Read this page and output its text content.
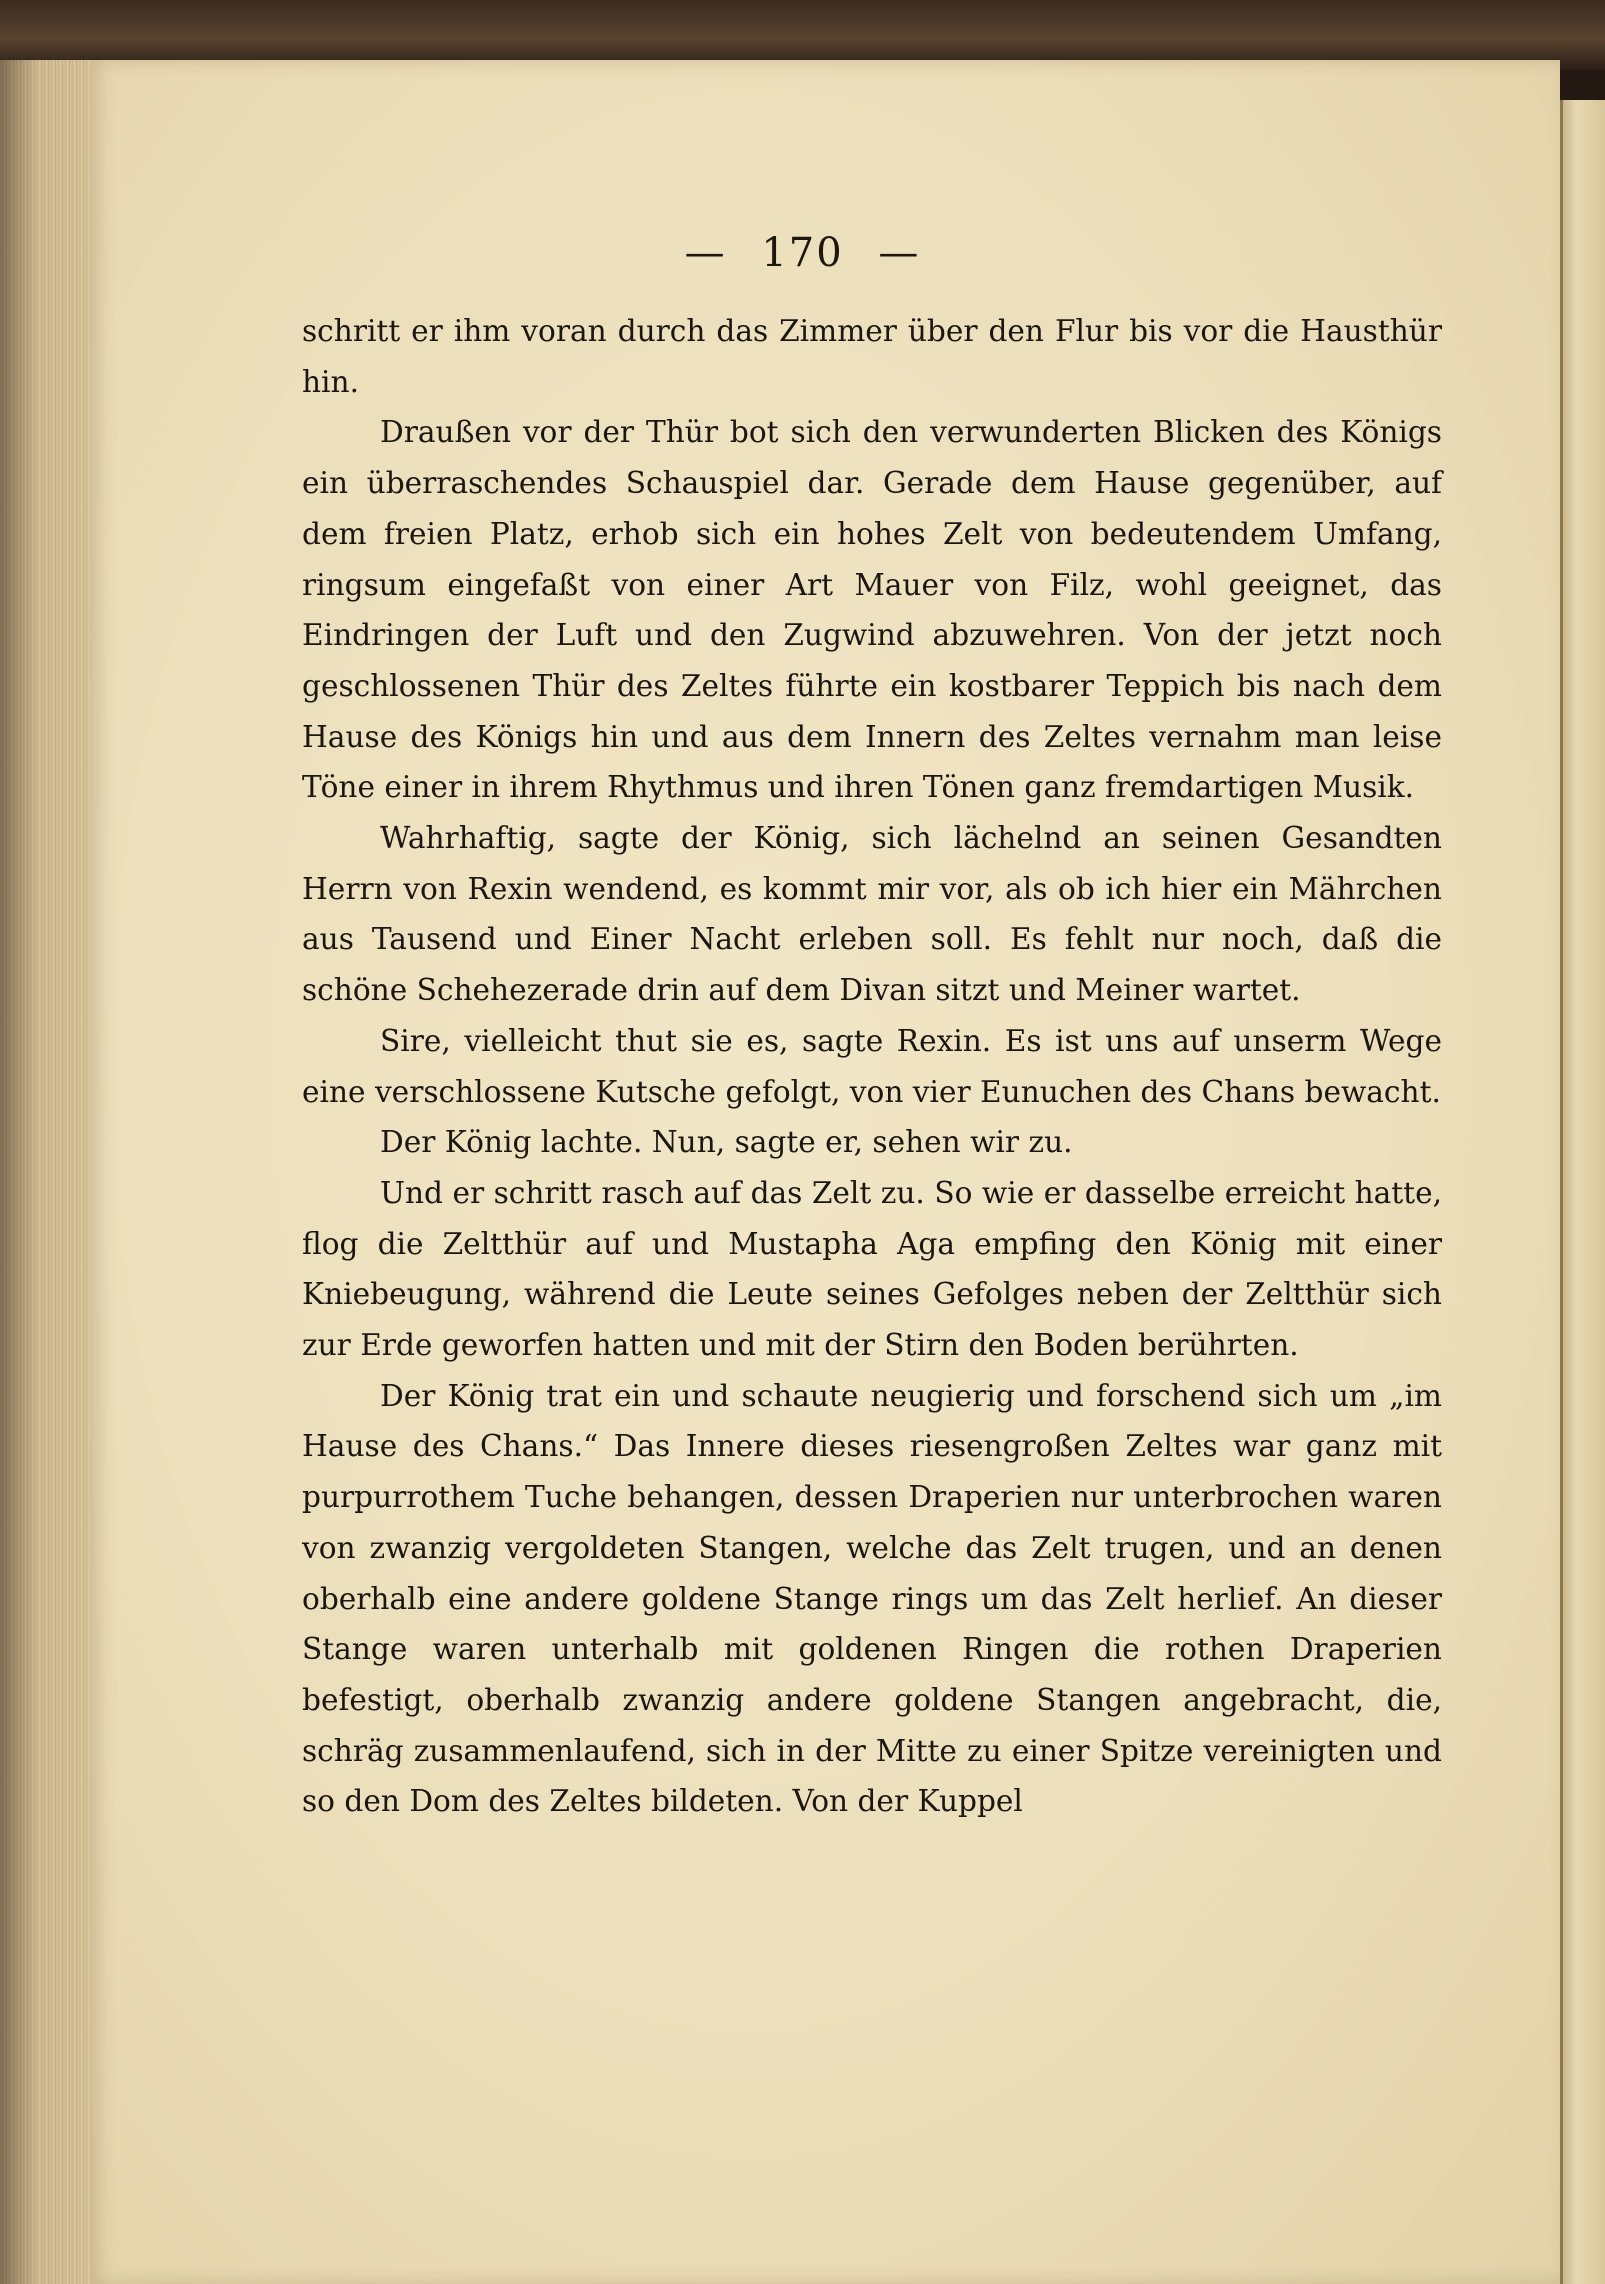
— 170 —

schritt er ihm voran durch das Zimmer über den Flur bis vor die Hausthür hin.

Draußen vor der Thür bot sich den verwunderten Blicken des Königs ein überraschendes Schauspiel dar. Gerade dem Hause gegenüber, auf dem freien Platz, erhob sich ein hohes Zelt von bedeutendem Umfang, ringsum eingefaßt von einer Art Mauer von Filz, wohl geeignet, das Eindringen der Luft und den Zugwind abzuwehren. Von der jetzt noch geschlossenen Thür des Zeltes führte ein kostbarer Teppich bis nach dem Hause des Königs hin und aus dem Innern des Zeltes vernahm man leise Töne einer in ihrem Rhythmus und ihren Tönen ganz fremdartigen Musik.

Wahrhaftig, sagte der König, sich lächelnd an seinen Gesandten Herrn von Rexin wendend, es kommt mir vor, als ob ich hier ein Mährchen aus Tausend und Einer Nacht erleben soll. Es fehlt nur noch, daß die schöne Schehezerade drin auf dem Divan sitzt und Meiner wartet.

Sire, vielleicht thut sie es, sagte Rexin. Es ist uns auf unserm Wege eine verschlossene Kutsche gefolgt, von vier Eunuchen des Chans bewacht.

Der König lachte. Nun, sagte er, sehen wir zu.

Und er schritt rasch auf das Zelt zu. So wie er dasselbe erreicht hatte, flog die Zeltthür auf und Mustapha Aga empfing den König mit einer Kniebeugung, während die Leute seines Gefolges neben der Zeltthür sich zur Erde geworfen hatten und mit der Stirn den Boden berührten.

Der König trat ein und schaute neugierig und forschend sich um „im Hause des Chans.“ Das Innere dieses riesengroßen Zeltes war ganz mit purpurrothem Tuche behangen, dessen Draperien nur unterbrochen waren von zwanzig vergoldeten Stangen, welche das Zelt trugen, und an denen oberhalb eine andere goldene Stange rings um das Zelt herlief. An dieser Stange waren unterhalb mit goldenen Ringen die rothen Draperien befestigt, oberhalb zwanzig andere goldene Stangen angebracht, die, schräg zusammenlaufend, sich in der Mitte zu einer Spitze vereinigten und so den Dom des Zeltes bildeten. Von der Kuppel
